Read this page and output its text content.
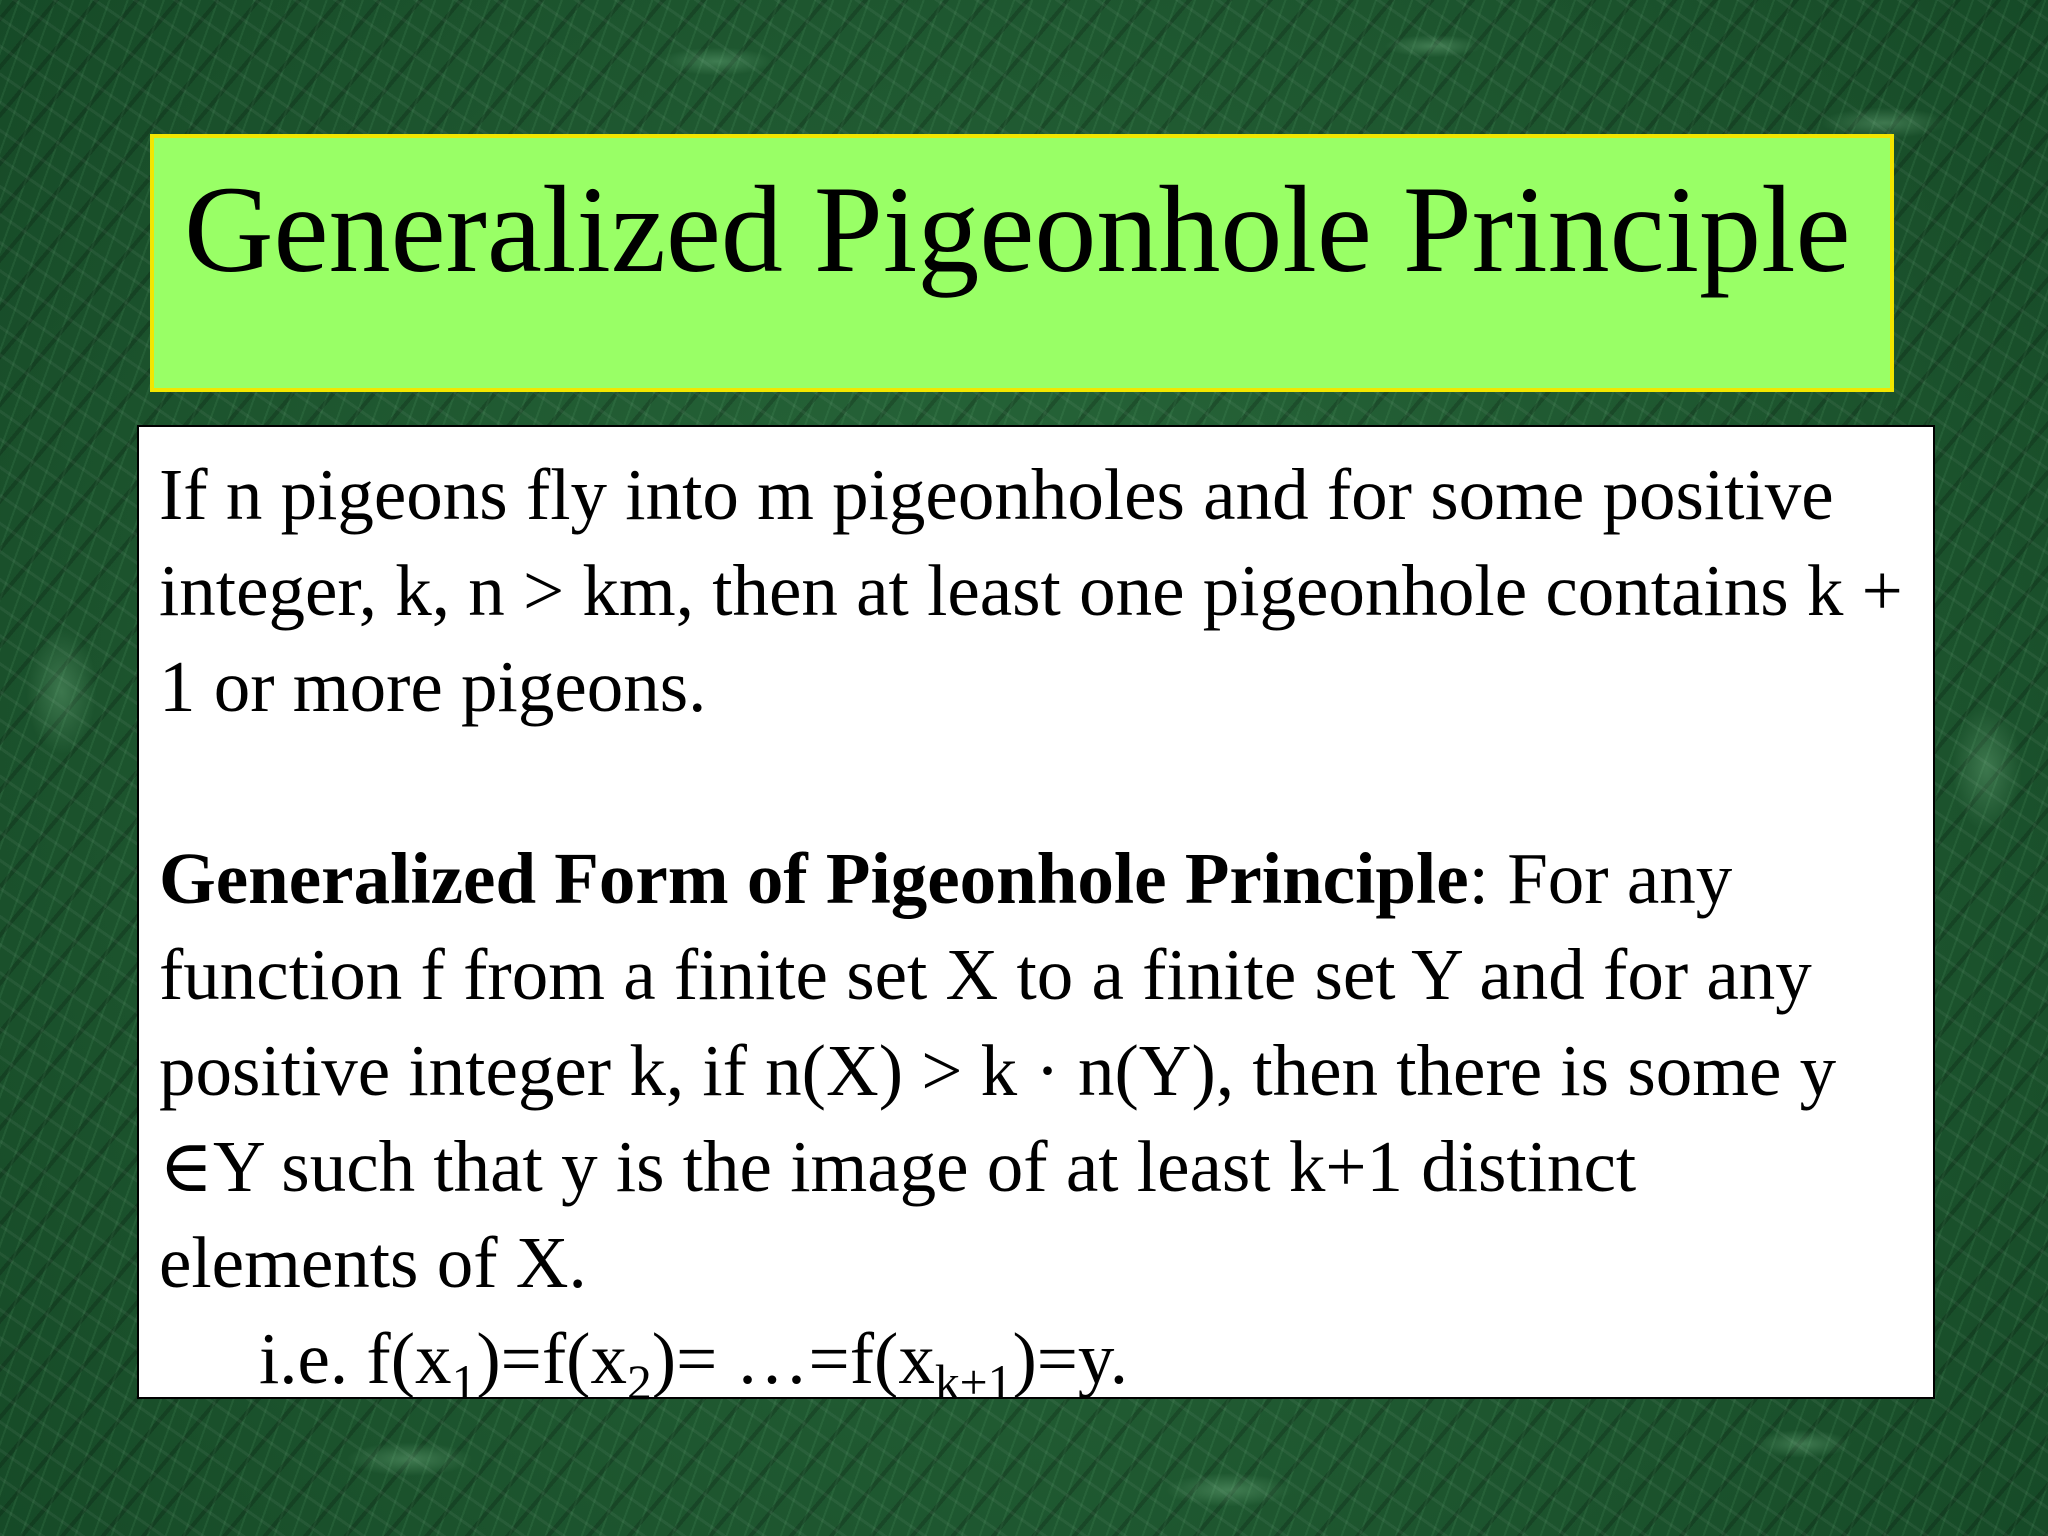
Generalized Pigeonhole Principle

If n pigeons fly into m pigeonholes and for some positive integer, k, n > km, then at least one pigeonhole contains k + 1 or more pigeons.

Generalized Form of Pigeonhole Principle: For any function f from a finite set X to a finite set Y and for any positive integer k, if n(X) > k · n(Y), then there is some y ∈Y such that y is the image of at least k+1 distinct elements of X.

i.e. $f(x_1)=f(x_2)=$ $\dots=f(x_{k+1})=y$.
